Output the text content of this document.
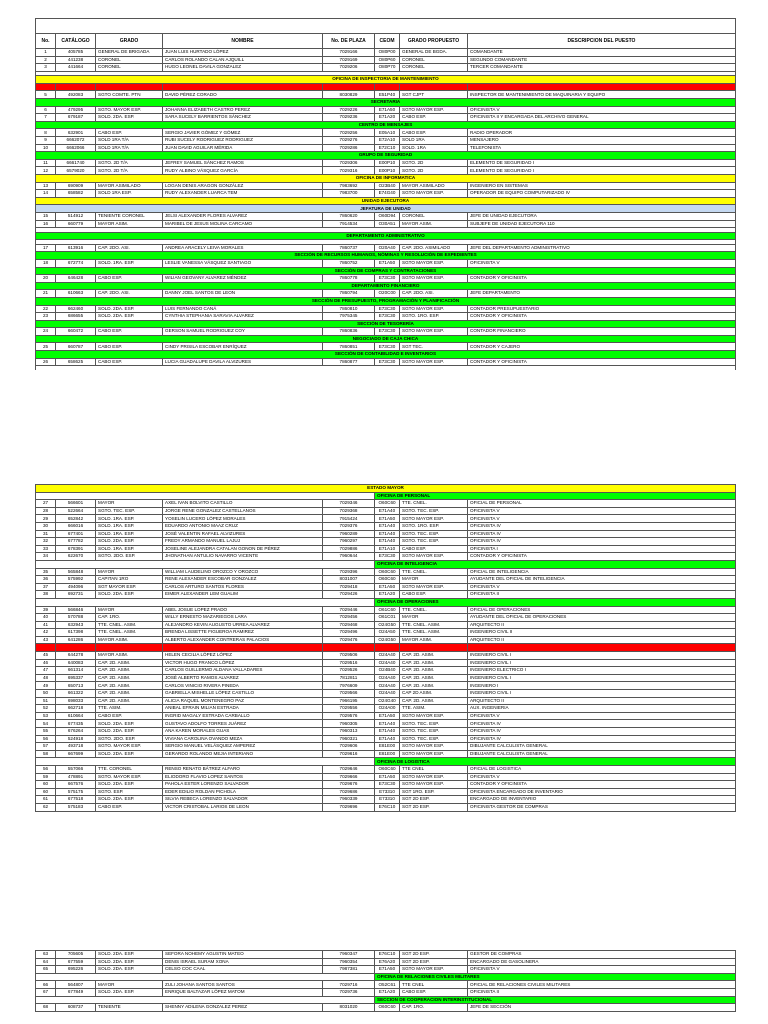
No.	CATÁLOGO	GRADO	NOMBRE	No. DE PLAZA	CEOM	GRADO PROPUESTO	DESCRIPCION DEL PUESTO
1	405785	GENERAL DE BRIGADA	JUAN LUIS HURTADO LÓPEZ	7029166	O80P00	GENERAL DE BGDA.	COMANDANTE
2	441238	CORONEL	CARLOS ROLANDO CALAN AJQUILL	7029169	O80P60	CORONEL	SEGUNDO COMANDANTE
3	441664	CORONEL	HUGO LEONEL DAVILA GONZALEZ	7029206	O80P70	CORONEL	TERCER COMANDANTE

OFICINA DE INSPECTORIA DE MANTENIMIENTO							
5		MANTENIMIENTO				SGT CJPT	INSPECTOR DE MANTENIMIENTO
5	492083	SGTO COMTE. PTN	DAVID PÉREZ CORADO	8030829	E51P40	SGT CJPT	INSPECTOR DE MANTENIMIENTO DE MAQUINARIA Y EQUIPO
SECRETARIA							
6	479295	SGTO. MAYOR ESP.	JOHANNA ELIZABETH CASTRO PEREZ	7029226	E71A50	SGTO MAYOR ESP.	OFICINISTA V
7	679187	SOLD. 2DA. ESP.	SARA SUCELY BARRIENTOS SÁNCHEZ	7029236	E71A20	CABO ESP.	OFICINISTA II Y ENCARGADA DEL ARCHIVO GENERAL
CENTRO DE MENSAJES							
8	632901	CABO ESP.	SERGIO JAVIER GÓMEZ Y GÓMEZ	7029256	E05A10	CABO ESP.	RADIO OPERADOR
9	6662072	SOLD 1RA T/A	RUBI SUCELY RODRIGUEZ RODRIGUEZ	7029276	E72A10	SOLD 1RA	MENSAJERO
10	6662066	SOLD 1RA T/A	JUAN DAVID AGUILAR MÉRIDA	7029286	E72C10	SOLD. 1RA	TELEFONISTA
GRUPO DE SEGURIDAD							
11	6661740	SGTO. 2D T/A	JEFREY SAMUEL SÁNCHEZ RAMOS	7029306	E00P10	SGTO. 2D	ELEMENTO DE SEGURIDAD I
12	6579020	SGTO. 2D T/A	RUDY ALBINO VÁSQUEZ GARCÍA	7029316	E00P10	SGTO. 2D	ELEMENTO DE SEGURIDAD I
OFICINA DE INFORMATICA							
13	690909	MAYOR ASIMILADO	LOGAN DENIS ARAGON GONZÁLEZ	7983692	O23B40	MAYOR ASIMILADO	INGENIERO EN SISTEMAS
14	658582	SOLD 1RA ESP.	RUDY ALEXANDER LUARCA TEM	7983700	E74G40	SGTO MAYOR ESP.	OPERADOR DE EQUIPO COMPUTARIZADO IV
UNIDAD EJECUTORA							
JEFATURA DE UNIDAD							
15	514912	TENIENTE CORONEL	JELSI ALEXANDER FLORES ALVAREZ	7860620	O60D94	CORONEL	JEFE DE UNIDAD EJECUTORA
16	660779	MAYOR ASIM.	MARIBEL DE JESUS MOLINA CARCAMO	7914534	O30A51	MAYOR ASIM.	SUBJEFE DE UNIDAD EJECUTORA 110

DEPARTAMENTO ADMINISTRATIVO							

17	613916	CAP. 2DO. ASI.	ANDREA ARACELY LEIVA MORALES	7860737	O20A40	CAP. 2DO. ASIMILADO	JEFE DEL DEPARTAMENTO ADMINISTRATIVO
SECCIÓN DE RECURSOS HUMANOS, NÓMINAS Y RESOLUCIÓN DE EXPEDIENTES							
18	672774	SOLD. 1RA. ESP.	LESLIE VANESSA VÁSQUEZ SANTIAGO	7860752	E71A50	SGTO MAYOR ESP.	OFICINISTA V
SECCIÓN DE COMPRAS Y CONTRATACIONES							
20	646428	CABO ESP.	WILIAN GEOVANY ALVAREZ MÉNDEZ	7860778	E73C30	SGTO MAYOR ESP.	CONTADOR Y OFICINISTA
DEPARTAMENTO FINANCIERO							
21	610663	CAP. 2DO. ASI.	DANNY JOEL SANTOS DE LEON	7860794	O20C00	CAP. 2DO. ASI.	JEFE DEPARTAMENTO
SECCIÓN DE PRESUPUESTO, PROGRAMACIÓN Y PLANIFICACIÓN							
22	662460	SOLD. 2DA. ESP.	LUIS FERNANDO CANÁ	7860810	E73C30	SGTO MAYOR ESP.	CONTADOR PRESUPUESTARIO
23	686655	SOLD. 2DA. ESP.	CYNTHIA STEPHANIA SARAVIA ALVAREZ	7975345	E73C30	SGTO. 1RO. ESP.	CONTADOR Y OFICINISTA
SECCIÓN DE TESORERÍA							
24	660472	CABO ESP.	GERSON SAMUEL RODRIGUEZ COY	7860836	E73C30	SGTO MAYOR ESP.	CONTADOR FINANCIERO
NEGOCIADO DE CAJA CHICA							
25	660787	CABO ESP.	CINDY PRISILA ESCOBAR ENRÍQUEZ	7860851	E73C30	SGT TEC.	CONTADOR Y CAJERO
SECCIÓN DE CONTABILIDAD E INVENTARIOS							
26	658625	CABO ESP.	LUCIA GUADALUPE DAVILA ALVIZURES	7860877	E73C30	SGTO MAYOR ESP.	CONTADOR Y OFICINISTA

ESTADO MAYOR							
					OFICINA DE PERSONAL		
27	566601	MAYOR	AXEL IVAN BOLVITO CASTILLO	7029346	O60C60	TTE. CNEL.	OFICIAL DE PERSONAL
28	522664	SGTO. TEC. ESP.	JORGE RENE GONZALEZ CASTELLANOS	7029368	E71A40	SGTO. TEC. ESP.	OFICINISTA V
29	652842	SOLD. 1RA. ESP.	YOSELIN LUCERO LÓPEZ MORALES	7915424	E71A50	SGTO MAYOR ESP.	OFICINISTA V
30	666016	SOLD. 1RA. ESP.	EDUARDO ANTONIO MAAZ CRUZ	7029376	E71A40	SGTO. 1RO. ESP.	OFICINISTA IV
31	677401	SOLD. 1RA. ESP.	JOSÉ VALENTIN RAFAEL ALVIZURES	7960289	E71A40	SGTO. TEC. ESP.	OFICINISTA IV
32	677782	SOLD. 2DA. ESP.	FREDY ARMANDO MANUEL LAJUJ	7960297	E71A40	SGTO. TEC. ESP.	OFICINISTA IV
33	678391	SOLD. 1RA. ESP.	JOSELINE ALEJANDRA CATALAN GONON DE PÉREZ	7029886	E71A10	CABO ESP.	OFICINISTA I
34	622670	SGTO. 2DO. ESP.	JHONATHAN ANTULIO NAVARRO VICENTE	7960644	E73C30	SGTO MAYOR ESP.	CONTADOR Y OFICINISTA
					OFICINA DE INTELIGENCIA		
35	565848	MAYOR	WILLIAM LAUDELINO OROZCO Y OROZCO	7029396	O60C60	TTE. CNEL.	OFICIAL DE INTELIGENCIA
36	575992	CAPITAN 1RO	RENE ALEXANDER ESCOBAR GONZALEZ	8031007	O60C60	MAYOR	AYUDANTE DEL OFICIAL DE INTELIGENCIA
37	494096	SGT MAYOR ESP.	CARLOS ARTURO SANTOS FLORES	7029418	E71A50	SGTO MAYOR ESP.	OFICINISTA V
38	692731	SOLD. 2DA. ESP.	EIMER ALEXANDER LEM GUALIM	7029426	E71A20	CABO ESP.	OFICINISTA II
					OFICINA DE OPERACIONES		
39	566846	MAYOR	ABEL JOSUE LOPEZ PRADO	7029446	O61C60	TTE. CNEL.	OFICIAL DE OPERACIONES
40	570788	CAP. 1RO.	WILLY ERNESTO MAZARIEGOS LARA	7029456	O61C01	MAYOR	AYUDANTE DEL OFICIAL DE OPERACIONES
41	632943	TTE. CNEL. ASIM.	ALEJANDRO KEVIN AUGUSTO URREA ALVAREZ	7029468	O24G50	TTE. CNEL. ASIM.	ARQUITECTO II
42	617398	TTE. CNEL. ASIM.	BRENDA LISSETTE FIGUEROA RAMIREZ	7029496	O24A50	TTE. CNEL. ASIM.	INGENIERO CIVIL II
43	641286	MAYOR ASIM.	ALBERTO ALEXANDER CONTRERAS PALACIOS	7029476	O24G50	MAYOR ASIM.	ARQUITECTO II
44		MAYOR ASIM.					INGENIERO CIVIL
45	644278	MAYOR ASIM.	HELEN CECILIA LÓPEZ LÓPEZ	7029506	O24A40	CAP. 2D. ASIM.	INGENIERO CIVIL I
46	640083	CAP. 2D. ASIM.	VICTOR HUGO FRANCO LÓPEZ	7029516	O24A40	CAP. 2D. ASIM.	INGENIERO CIVIL I
47	661314	CAP. 2D. ASIM.	CARLOS GUILLERMO ALDANA VALLADARES	7029526	O24B40	CAP. 2D. ASIM.	INGENIERO ELECTRICO I
48	695337	CAP. 2D. ASIM.	JOSÉ ALBERTO RAMOS ALVAREZ	7812811	O24A40	CAP. 2D. ASIM.	INGENIERO CIVIL I
49	650713	CAP. 2D. ASIM.	CARLOS VINICIO RIVERA PINEDA	7976609	O24A40	CAP. 2D. ASIM.	INGENIERO I
50	661322	CAP. 2D. ASIM.	GABRIELLA MISHELLE LÓPEZ CASTILLO	7029566	O24A40	CAP 2D ASIM.	INGENIERO CIVIL I
51	698033	CAP. 2D. ASIM.	ALICIA RAQUEL MONTENEGRO PAZ	7966195	O24G40	CAP. 2D. ASIM.	ARQUITECTO II
52	662718	TTE. ASIM.	ANIBAL EFRAIN MILIAN ESTRADA	7029556	O24A00	TTE. ASIM.	AUX. INGENIERIA
53	610664	CABO ESP.	INGRID MAGALY ESTRADA CARBALLO	7029576	E71A50	SGTO MAYOR ESP.	OFICINISTA V
54	677435	SOLD. 2DA. ESP.	GUSTAVO ADOLFO TORRES JUÁREZ	7960305	E71A40	SGTO. TEC. ESP.	OFICINISTA IV
55	676264	SOLD. 2DA. ESP.	ANA KAREN MORALES GUAS	7960313	E71A40	SGTO. TEC. ESP.	OFICINISTA IV
56	524918	SGTO. 2DO. ESP.	VIVIANA CAROLINA OVANDO MEZA	7960321	E71A40	SGTO. TEC. ESP.	OFICINISTA IV
57	493718	SGTO. MAYOR ESP.	SERGIO MANUEL VELÁSQUEZ AMPEREZ	7029606	E81E00	SGTO MAYOR ESP.	DIBUJANTE CALCULISTA GENERAL
58	667699	SOLD. 2DA. ESP.	GERARDO ROLANDO MEJIA INTERIANO	7029616	E81E00	SGTO MAYOR ESP.	DIBUJANTE CALCULISTA GENERAL
					OFICINA DE LOGISTICA		
56	557066	TTE. CORONEL	RENSO RENATO BÁTREZ ALFARO	7029646	O60C60	TTE CNEL	OFICIAL DE LOGISTICA
59	478891	SGTO. MAYOR ESP.	ELIODORO FLAVIO LOPEZ SANTOS	7029666	E71A50	SGTO MAYOR ESP.	OFICINISTA V
60	667576	SOLD. 2DA. ESP.	PAHOLA ESTER LORENZO SALVADOR	7029676	E73C30	SGTO MAYOR ESP.	CONTADOR Y OFICINISTA
60	575175	SGTO. ESP.	EDER EDILIO ROLDAN PICHOLA	7029686	E73310	SGT 1RO. ESP.	OFICINISTA ENCARGADO DE INVENTARIO
61	677518	SOLD. 2DA. ESP.	SILVIA REBECA LORENZO SALVADOR	7960339	E73310	SGT 2D ESP.	ENCARGADO DE INVENTARIO
62	575183	CABO ESP.	VICTOR CRISTOBAL LARIOS DE LEON	7029696	E76C10	SGT 2D ESP.	OFICINISTA GESTOR DE COMPRAS
63	705605	SOLD. 2DA. ESP.	SEFORA NOHEMY AGUSTIN MATEO	7960347	E76C10	SGT 2D ESP.	GESTOR DE COMPRAS
64	677559	SOLD. 2DA. ESP.	DENIS ISRAEL SURAM XONA	7960354	E76A20	SGT 2D ESP.	ENCARGADO DE GASOLINERA
65	695226	SOLD. 2DA. ESP.	CELSO COC CAAL	7987381	E71A50	SGTO MAYOR ESP.	OFICINISTA V
					OFICINA DE RELACIONES CIVILES MILITARES		
66	564807	MAYOR	ZULI JOHANA SANTOS SANTOS	7029716	O52C61	TTE CNEL	OFICIAL DE RELACIONES CIVILES MILITARES
67	677849	SOLD. 2DA. ESP.	ENRIQUE BALTAZAR LÓPEZ MATOM	7029736	E71A20	CABO ESP.	OFICINISTA II
					SECCION DE COOPERACION INTERINSTITUCIONAL		
68	608737	TENIENTE	SHENNY ADILENA GONZALEZ PEREZ	8031020	O60C60	CAP. 1RO.	JEFE DE SECCIÓN
